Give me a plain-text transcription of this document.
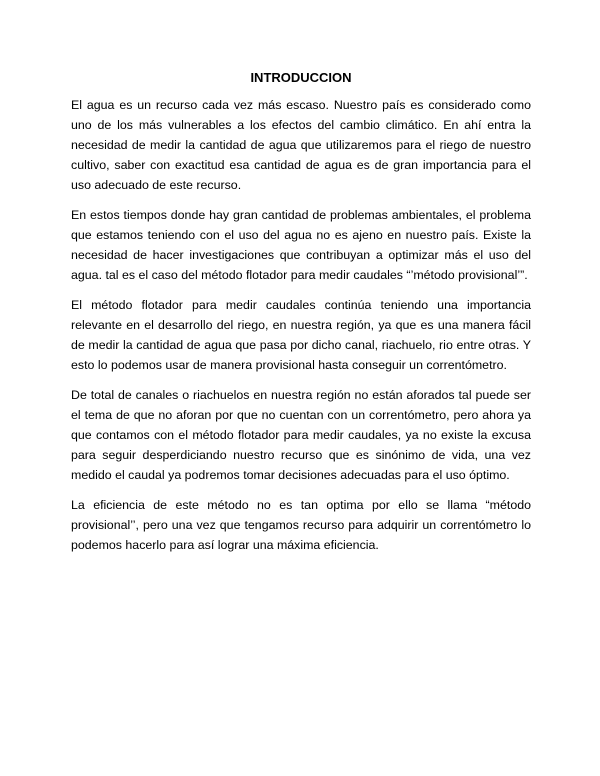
INTRODUCCION

El agua es un recurso cada vez más escaso. Nuestro país es considerado como uno de los más vulnerables a los efectos del cambio climático. En ahí entra la necesidad de medir la cantidad de agua que utilizaremos para el riego de nuestro cultivo, saber con exactitud esa cantidad de agua es de gran importancia para el uso adecuado de este recurso.

En estos tiempos donde hay gran cantidad de problemas ambientales, el problema que estamos teniendo con el uso del agua no es ajeno en nuestro país. Existe la necesidad de hacer investigaciones que contribuyan a optimizar más el uso del agua. tal es el caso del método flotador para medir caudales “’método provisional’”.

El método flotador para medir caudales continúa teniendo una importancia relevante en el desarrollo del riego, en nuestra región, ya que es una manera fácil de medir la cantidad de agua que pasa por dicho canal, riachuelo, rio entre otras. Y esto lo podemos usar de manera provisional hasta conseguir un correntómetro.

De total de canales o riachuelos en nuestra región no están aforados tal puede ser el tema de que no aforan por que no cuentan con un correntómetro, pero ahora ya que contamos con el método flotador para medir caudales, ya no existe la excusa para seguir desperdiciando nuestro recurso que es sinónimo de vida, una vez medido el caudal ya podremos tomar decisiones adecuadas para el uso óptimo.

La eficiencia de este método no es tan optima por ello se llama “método provisional’’, pero una vez que tengamos recurso para adquirir un correntómetro lo podemos hacerlo para así lograr una máxima eficiencia.
